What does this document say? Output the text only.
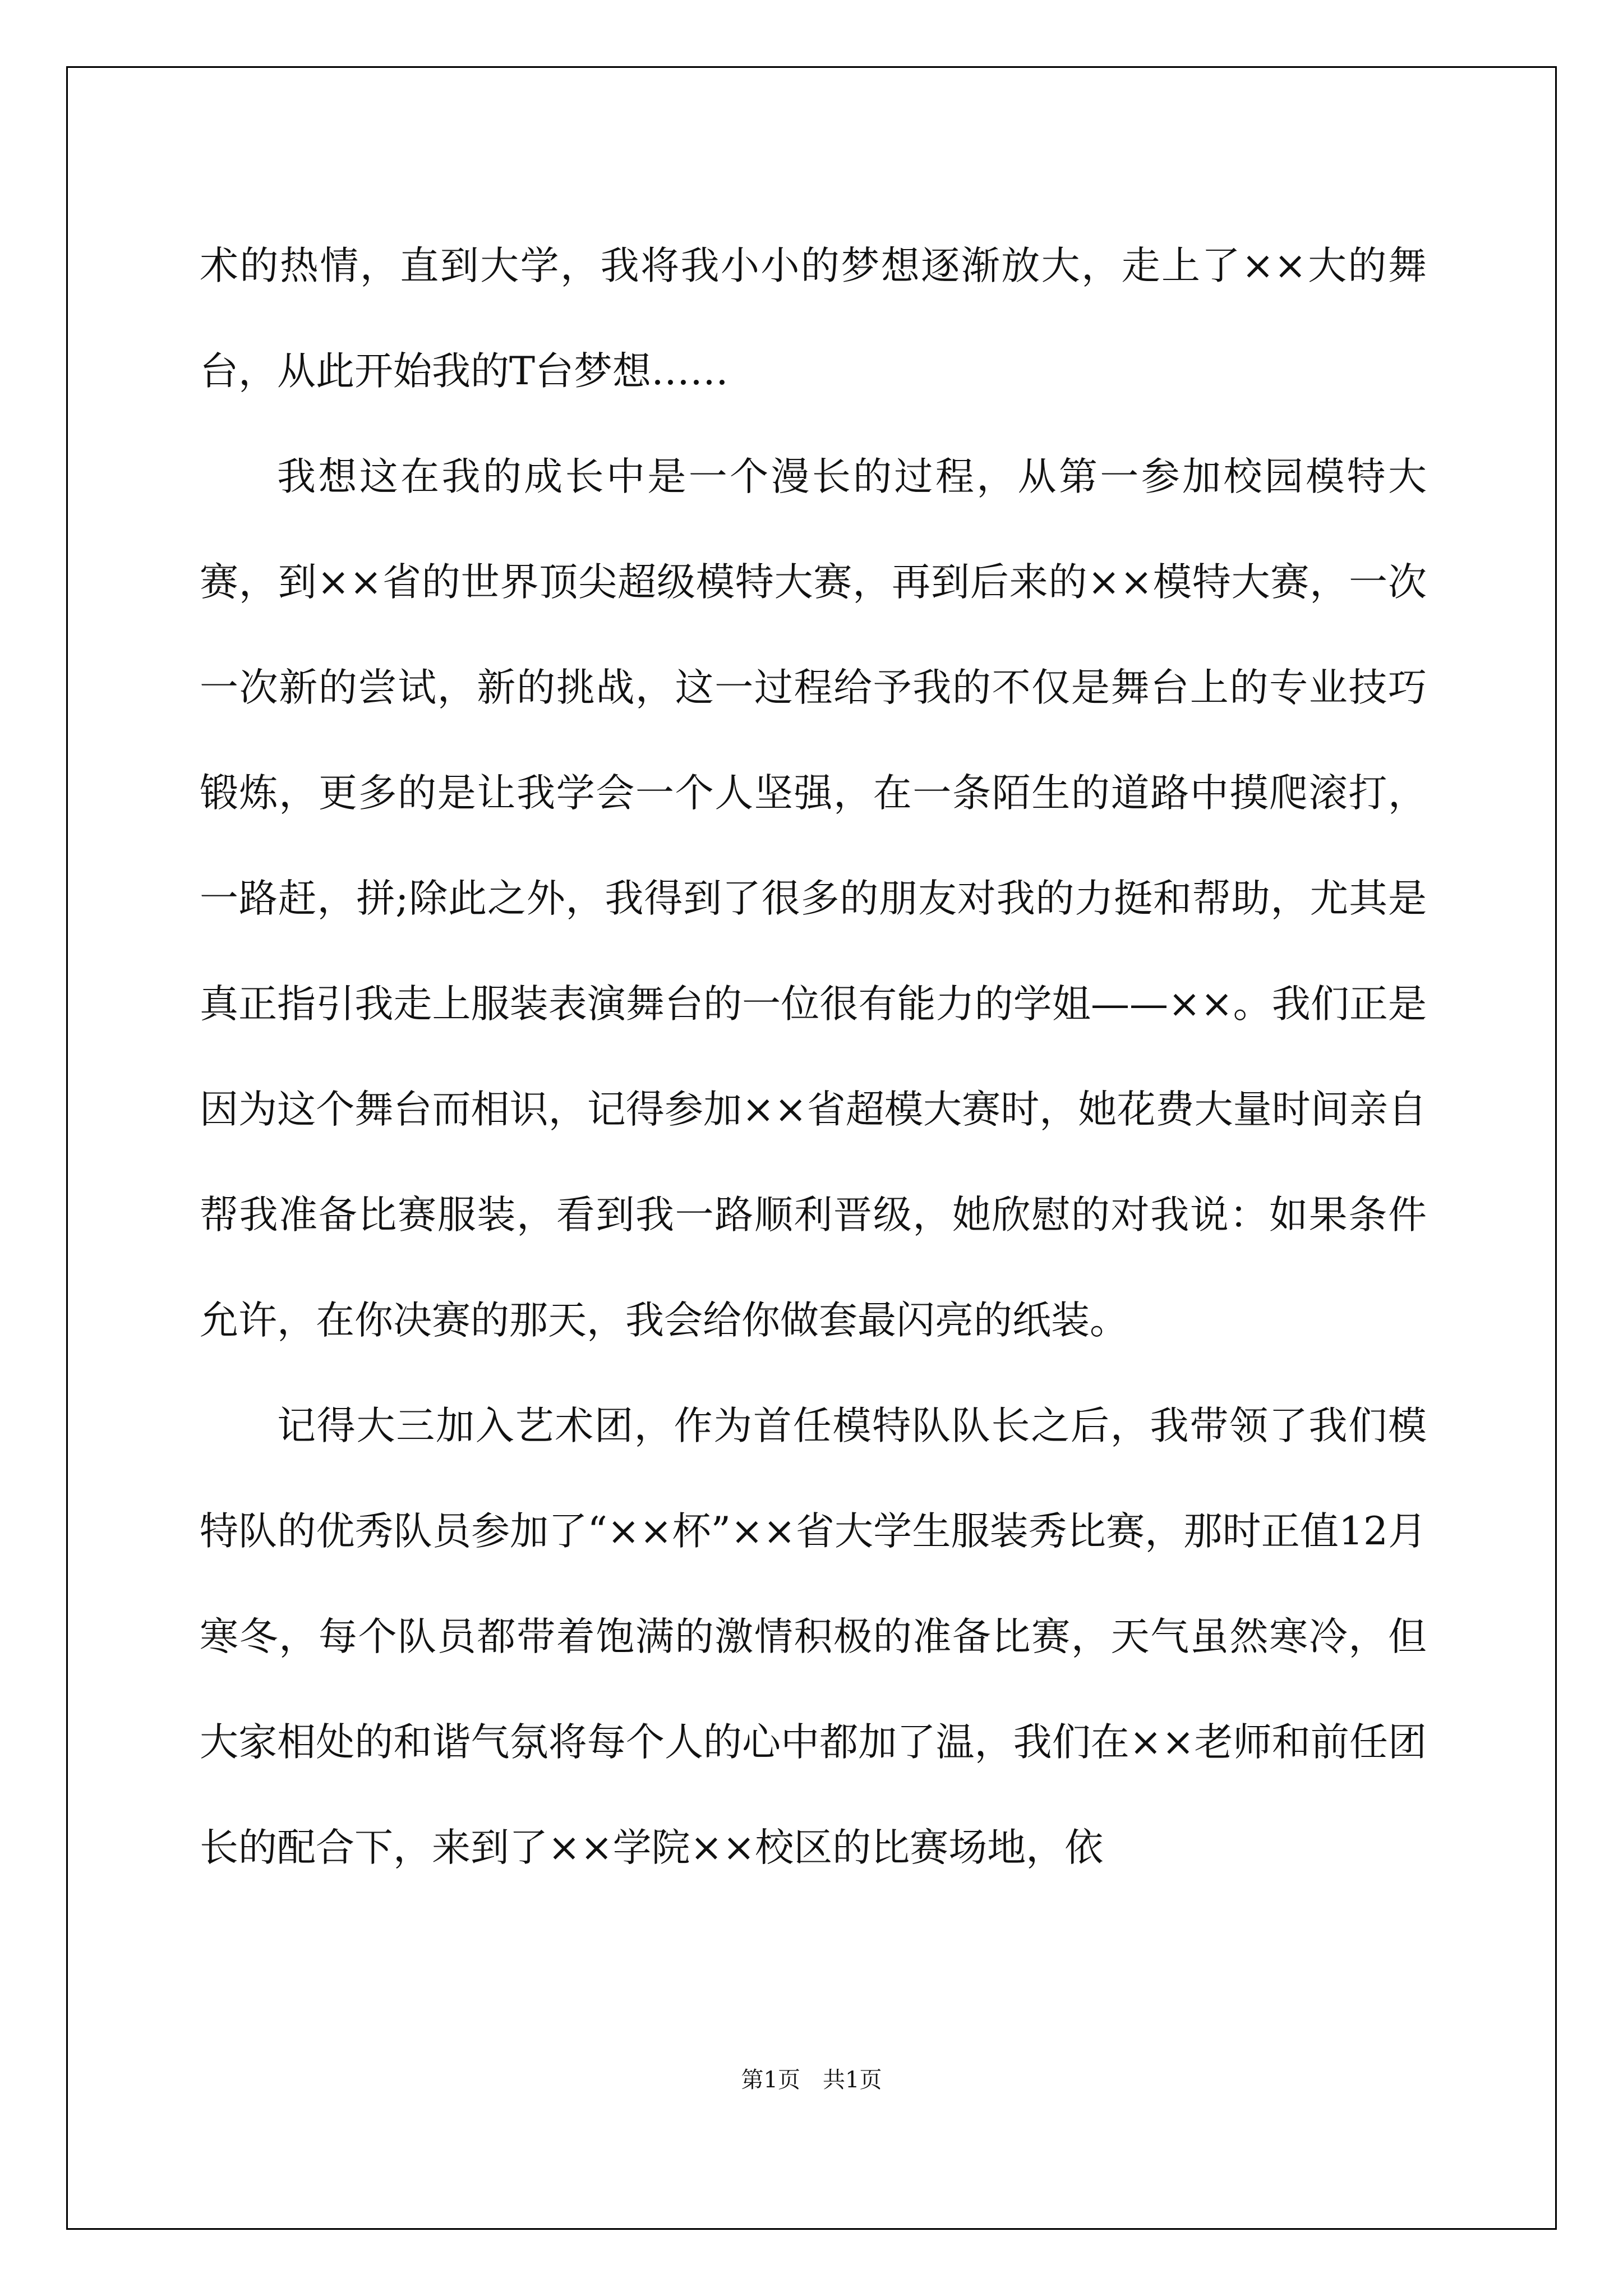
术的热情，直到大学，我将我小小的梦想逐渐放大，走上了××大的舞台，从此开始我的T台梦想……

我想这在我的成长中是一个漫长的过程，从第一参加校园模特大赛，到××省的世界顶尖超级模特大赛，再到后来的××模特大赛，一次一次新的尝试，新的挑战，这一过程给予我的不仅是舞台上的专业技巧锻炼，更多的是让我学会一个人坚强，在一条陌生的道路中摸爬滚打，一路赶，拼;除此之外，我得到了很多的朋友对我的力挺和帮助，尤其是真正指引我走上服装表演舞台的一位很有能力的学姐——××。我们正是因为这个舞台而相识，记得参加××省超模大赛时，她花费大量时间亲自帮我准备比赛服装，看到我一路顺利晋级，她欣慰的对我说：如果条件允许，在你决赛的那天，我会给你做套最闪亮的纸装。

记得大三加入艺术团，作为首任模特队队长之后，我带领了我们模特队的优秀队员参加了“××杯”××省大学生服装秀比赛，那时正值12月寒冬，每个队员都带着饱满的激情积极的准备比赛，天气虽然寒冷，但大家相处的和谐气氛将每个人的心中都加了温，我们在××老师和前任团长的配合下，来到了××学院××校区的比赛场地，依

第1页　共1页
